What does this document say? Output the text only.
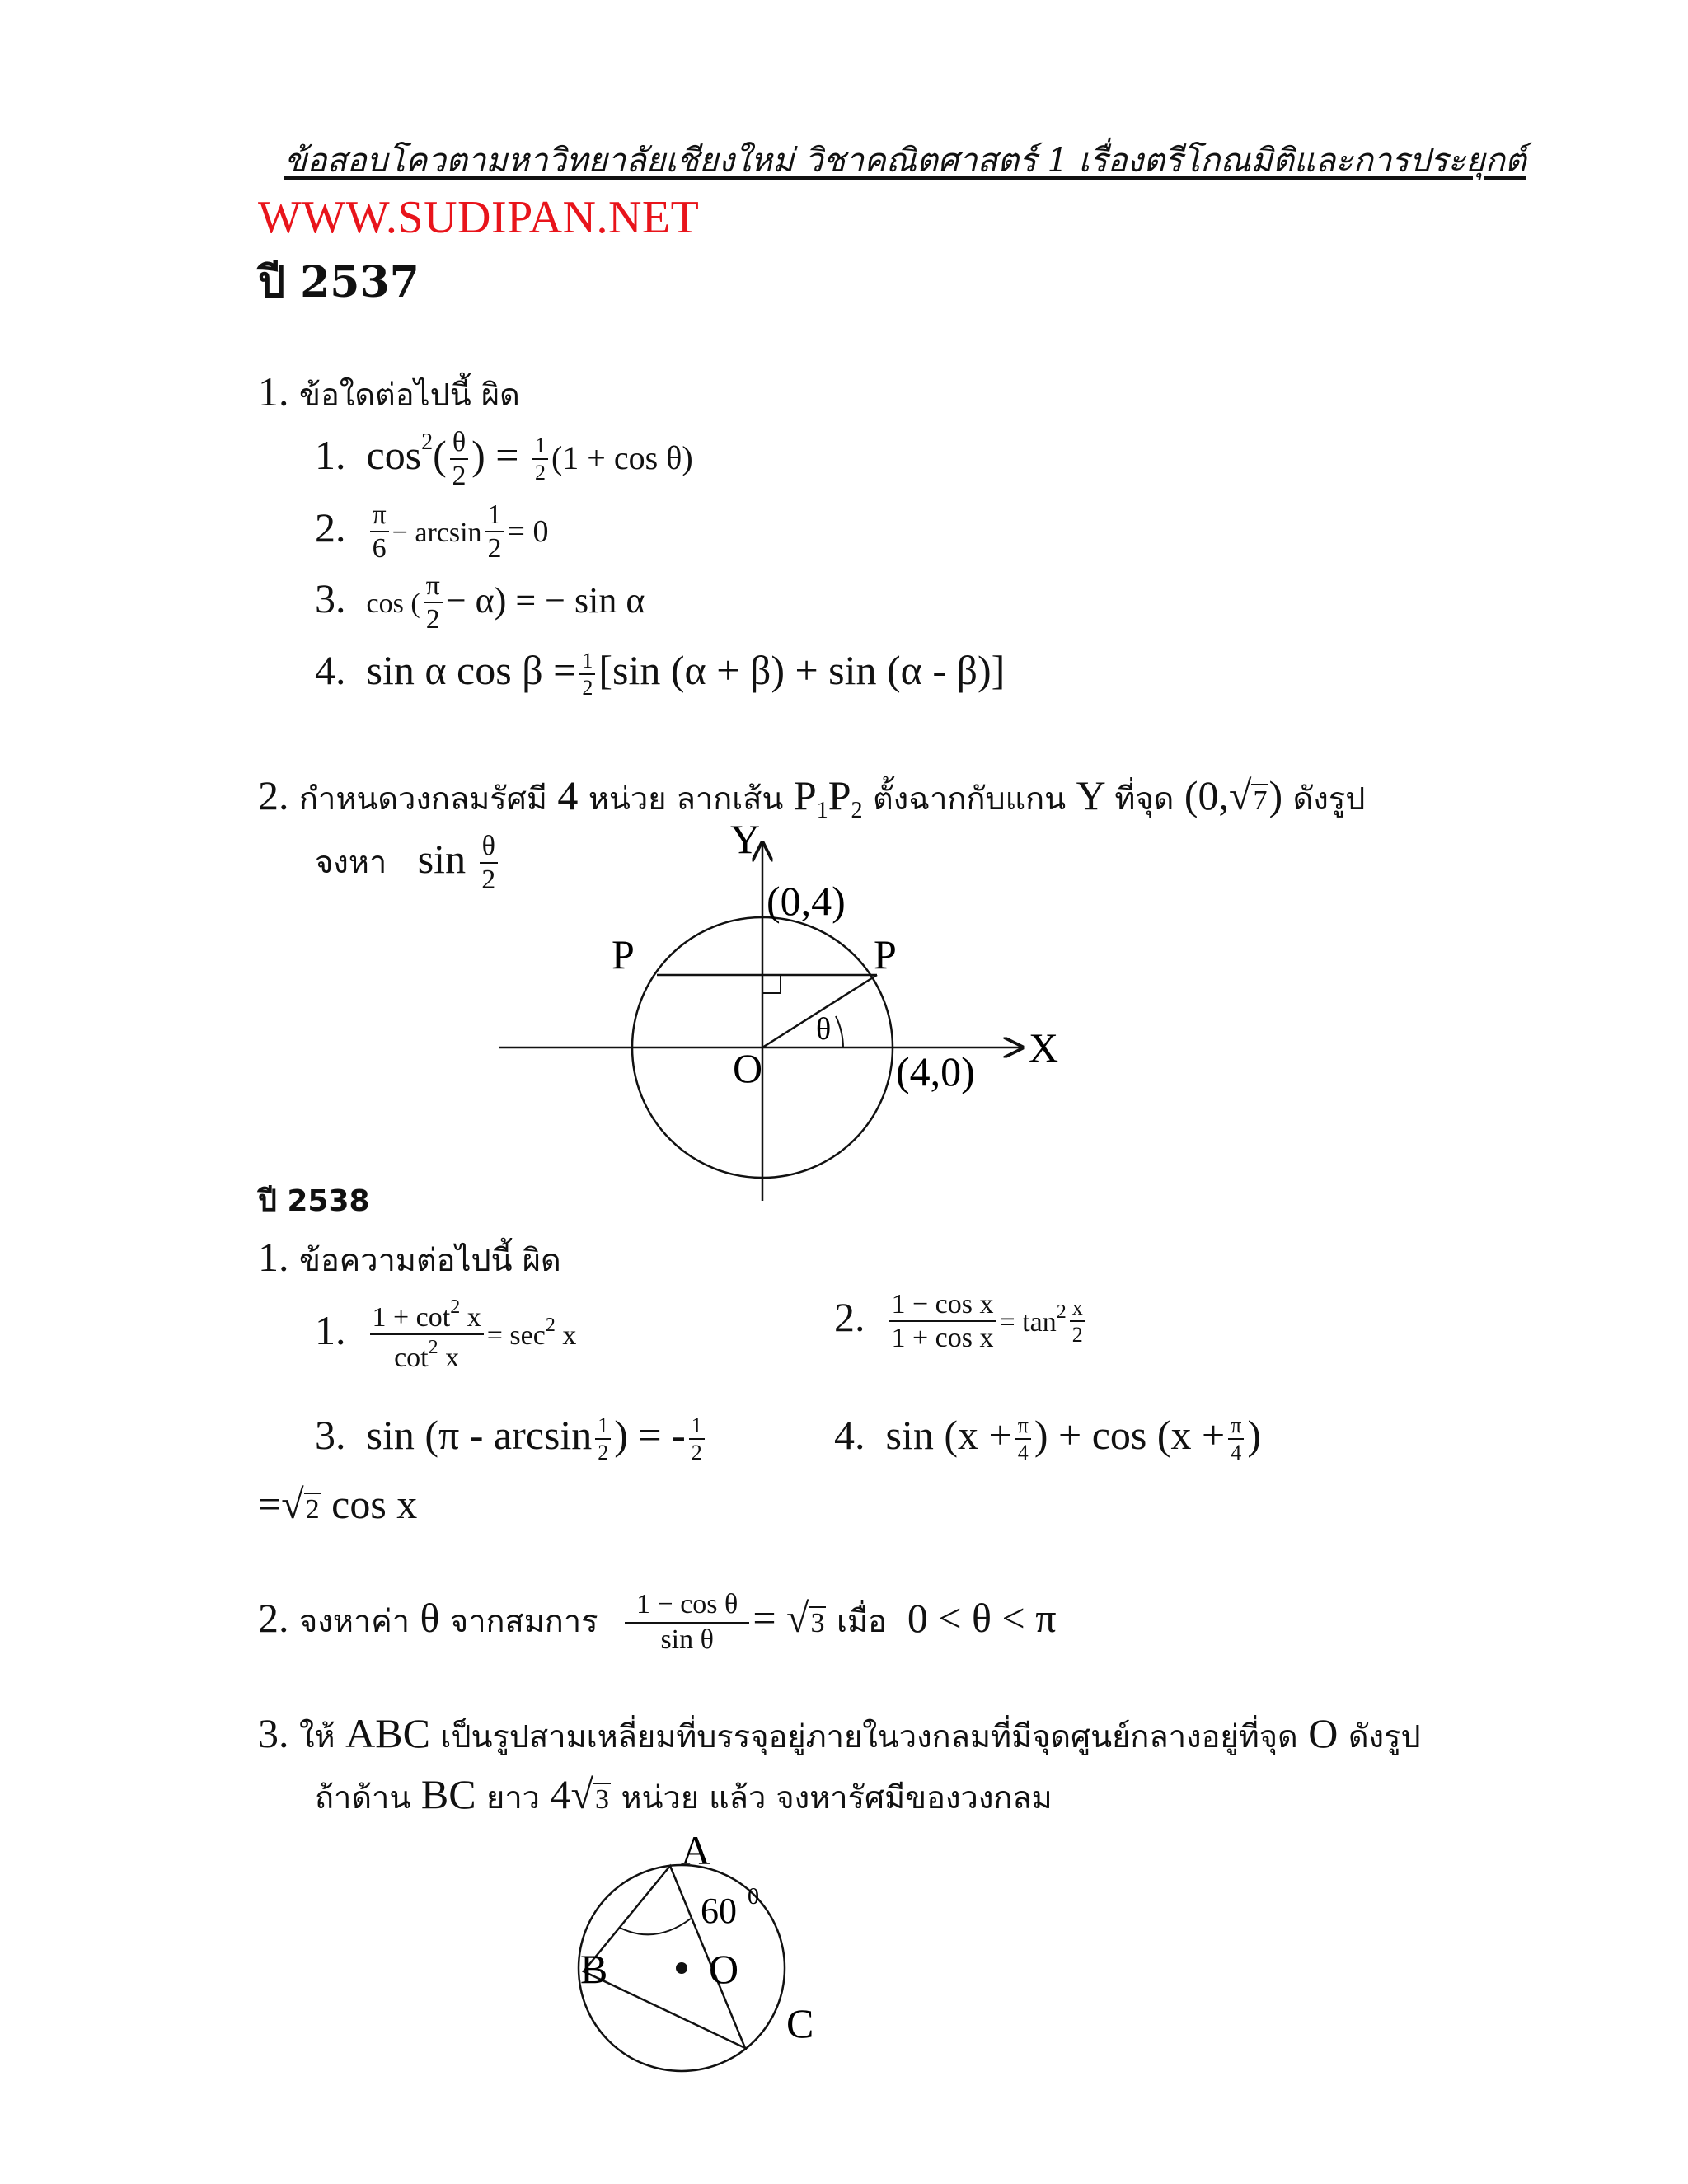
ข้อสอบโควตามหาวิทยาลัยเชียงใหม่ วิชาคณิตศาสตร์ 1 เรื่องตรีโกณมิติและการประยุกต์
WWW.SUDIPAN.NET
ปี 2537
1. ข้อใดต่อไปนี้ ผิด
1. $\cos^2( \frac{\theta}{2}$ ) = $\frac{1}{2} (1 + \cos \theta)$
2. $\frac{\pi}{6} - \arcsin \frac{1}{2} = 0$
3. cos ( $\frac{\pi}{2} - \alpha$) = − sin α
4. sin α $\cos \beta = \frac{1}{2} [\sin$ (α + β) + sin (α - β)]
2. กำหนดวงกลมรัศมี 4 หน่วย ลากเส้น $P_1P_2$ ตั้งฉากกับแกน Y ที่จุด (0,√7) ดังรูป
จงหา $\sin \frac{\theta}{2}$	Y
X
(0,4)
(4,0)
P	P
O
θ
ปี 2538
1. ข้อความต่อไปนี้ ผิด
1. $\frac{1 + \cot^2 x}{\cot^2 x} = \sec^2 x$	2. $\frac{\text{1 − cos x}}{\text{1 + cos x}} = \tan^2 \frac{x}{2}$
3. $\sin (\pi - \arcsin \frac{1}{2}$ ) = - $\frac{1}{2}$	4. $\sin (x + \frac{\pi}{4}$ ) + $\cos (x + \frac{\pi}{4}$ )
=√2 cos x
2. จงหาค่า θ จากสมการ $\frac{\text{1 − cos θ}}{\text{sin θ}} = √3$ เมื่อ 0 < θ < π
3. ให้ ABC เป็นรูปสามเหลี่ยมที่บรรจุอยู่ภายในวงกลมที่มีจุดศูนย์กลางอยู่ที่จุด O ดังรูป
ถ้าด้าน BC ยาว 4√3 หน่วย แล้ว จงหารัศมีของวงกลม
A
B
C
O
60 0
